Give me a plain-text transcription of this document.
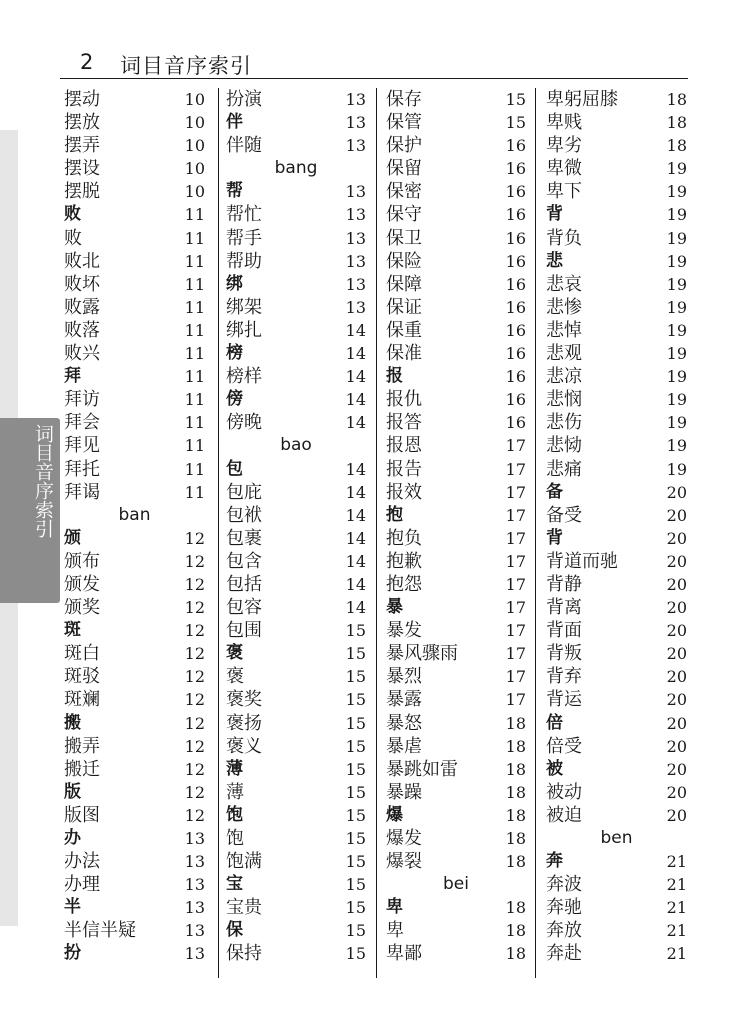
2 词目音序索引
词目音序索引
摆动	10
摆放	10
摆弄	10
摆设	10
摆脱	10
败	11
败	11
败北	11
败坏	11
败露	11
败落	11
败兴	11
拜	11
拜访	11
拜会	11
拜见	11
拜托	11
拜谒	11
ban
颁	12
颁布	12
颁发	12
颁奖	12
斑	12
斑白	12
斑驳	12
斑斓	12
搬	12
搬弄	12
搬迁	12
版	12
版图	12
办	13
办法	13
办理	13
半	13
半信半疑	13
扮	13
扮演	13
伴	13
伴随	13
bang
帮	13
帮忙	13
帮手	13
帮助	13
绑	13
绑架	13
绑扎	14
榜	14
榜样	14
傍	14
傍晚	14
bao
包	14
包庇	14
包袱	14
包裹	14
包含	14
包括	14
包容	14
包围	15
褒	15
褒	15
褒奖	15
褒扬	15
褒义	15
薄	15
薄	15
饱	15
饱	15
饱满	15
宝	15
宝贵	15
保	15
保持	15
保存	15
保管	15
保护	16
保留	16
保密	16
保守	16
保卫	16
保险	16
保障	16
保证	16
保重	16
保准	16
报	16
报仇	16
报答	16
报恩	17
报告	17
报效	17
抱	17
抱负	17
抱歉	17
抱怨	17
暴	17
暴发	17
暴风骤雨	17
暴烈	17
暴露	17
暴怒	18
暴虐	18
暴跳如雷	18
暴躁	18
爆	18
爆发	18
爆裂	18
bei
卑	18
卑	18
卑鄙	18
卑躬屈膝	18
卑贱	18
卑劣	18
卑微	19
卑下	19
背	19
背负	19
悲	19
悲哀	19
悲惨	19
悲悼	19
悲观	19
悲凉	19
悲悯	19
悲伤	19
悲恸	19
悲痛	19
备	20
备受	20
背	20
背道而驰	20
背静	20
背离	20
背面	20
背叛	20
背弃	20
背运	20
倍	20
倍受	20
被	20
被动	20
被迫	20
ben
奔	21
奔波	21
奔驰	21
奔放	21
奔赴	21
